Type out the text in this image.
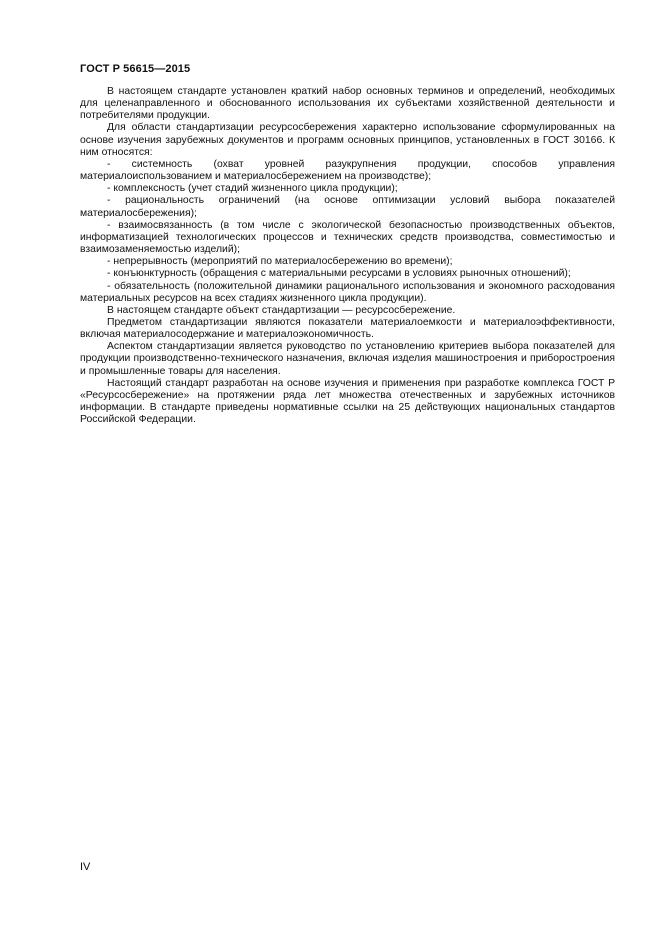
ГОСТ Р 56615—2015

В настоящем стандарте установлен краткий набор основных терминов и определений, необходимых для целенаправленного и обоснованного использования их субъектами хозяйственной деятельности и потребителями продукции.

Для области стандартизации ресурсосбережения характерно использование сформулированных на основе изучения зарубежных документов и программ основных принципов, установленных в ГОСТ 30166. К ним относятся:

- системность (охват уровней разукрупнения продукции, способов управления материалоиспользованием и материалосбережением на производстве);

- комплексность (учет стадий жизненного цикла продукции);

- рациональность ограничений (на основе оптимизации условий выбора показателей материалосбережения);

- взаимосвязанность (в том числе с экологической безопасностью производственных объектов, информатизацией технологических процессов и технических средств производства, совместимостью и взаимозаменяемостью изделий);

- непрерывность (мероприятий по материалосбережению во времени);

- конъюнктурность (обращения с материальными ресурсами в условиях рыночных отношений);

- обязательность (положительной динамики рационального использования и экономного расходования материальных ресурсов на всех стадиях жизненного цикла продукции).

В настоящем стандарте объект стандартизации — ресурсосбережение.

Предметом стандартизации являются показатели материалоемкости и материалоэффективности, включая материалосодержание и материалоэкономичность.

Аспектом стандартизации является руководство по установлению критериев выбора показателей для продукции производственно-технического назначения, включая изделия машиностроения и приборостроения и промышленные товары для населения.

Настоящий стандарт разработан на основе изучения и применения при разработке комплекса ГОСТ Р «Ресурсосбережение» на протяжении ряда лет множества отечественных и зарубежных источников информации. В стандарте приведены нормативные ссылки на 25 действующих национальных стандартов Российской Федерации.

IV
